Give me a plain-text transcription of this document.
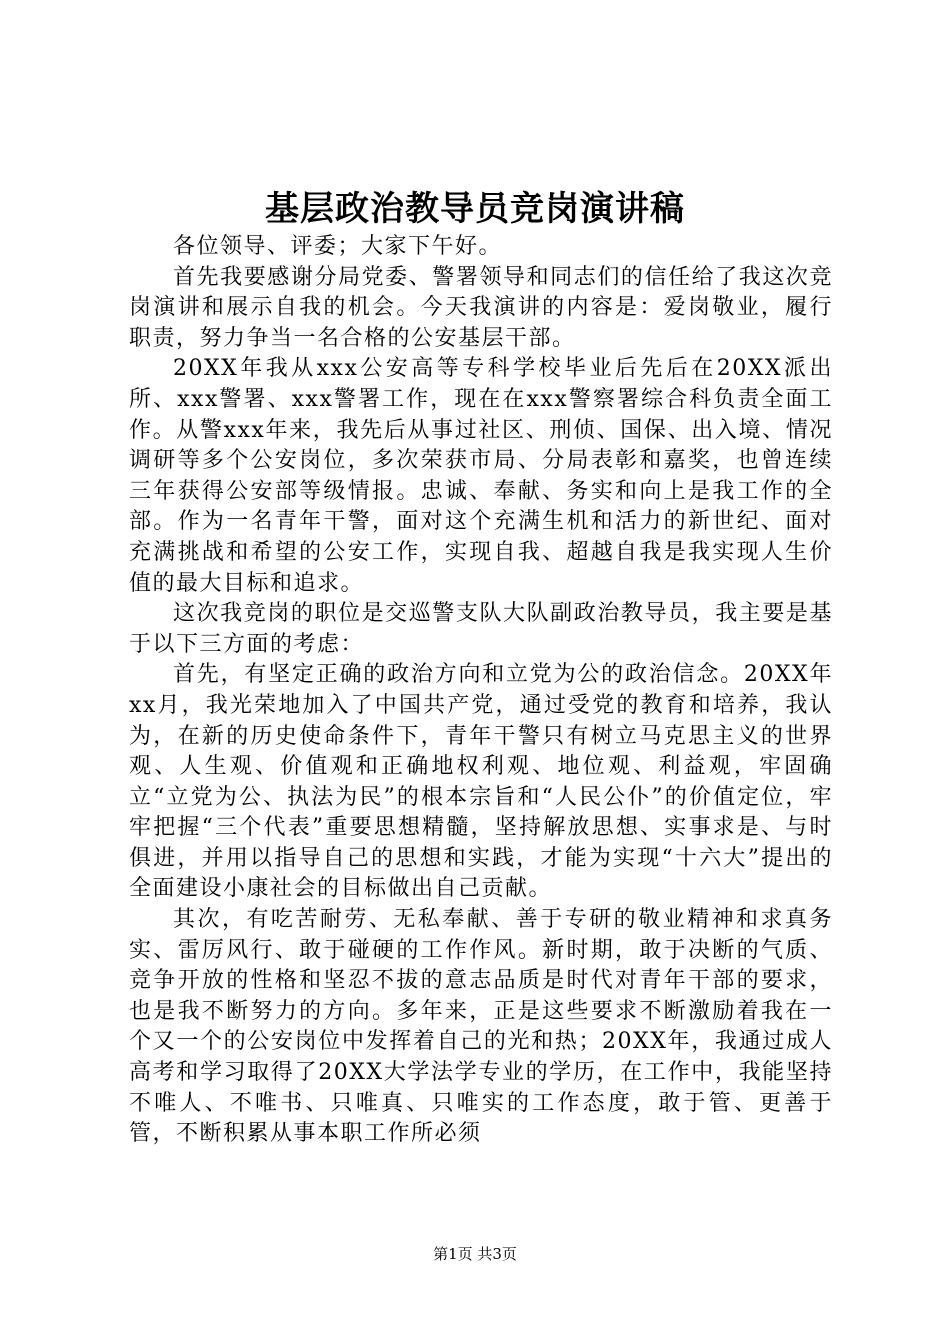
基层政治教导员竞岗演讲稿

各位领导、评委；大家下午好。

首先我要感谢分局党委、警署领导和同志们的信任给了我这次竞岗演讲和展示自我的机会。今天我演讲的内容是：爱岗敬业，履行职责，努力争当一名合格的公安基层干部。

20XX年我从xxx公安高等专科学校毕业后先后在20XX派出所、xxx警署、xxx警署工作，现在在xxx警察署综合科负责全面工作。从警xxx年来，我先后从事过社区、刑侦、国保、出入境、情况调研等多个公安岗位，多次荣获市局、分局表彰和嘉奖，也曾连续三年获得公安部等级情报。忠诚、奉献、务实和向上是我工作的全部。作为一名青年干警，面对这个充满生机和活力的新世纪、面对充满挑战和希望的公安工作，实现自我、超越自我是我实现人生价值的最大目标和追求。

这次我竞岗的职位是交巡警支队大队副政治教导员，我主要是基于以下三方面的考虑：

首先，有坚定正确的政治方向和立党为公的政治信念。20XX年xx月，我光荣地加入了中国共产党，通过受党的教育和培养，我认为，在新的历史使命条件下，青年干警只有树立马克思主义的世界观、人生观、价值观和正确地权利观、地位观、利益观，牢固确立“立党为公、执法为民”的根本宗旨和“人民公仆”的价值定位，牢牢把握“三个代表”重要思想精髓，坚持解放思想、实事求是、与时俱进，并用以指导自己的思想和实践，才能为实现“十六大”提出的全面建设小康社会的目标做出自己贡献。

其次，有吃苦耐劳、无私奉献、善于专研的敬业精神和求真务实、雷厉风行、敢于碰硬的工作作风。新时期，敢于决断的气质、竞争开放的性格和坚忍不拔的意志品质是时代对青年干部的要求，也是我不断努力的方向。多年来，正是这些要求不断激励着我在一个又一个的公安岗位中发挥着自己的光和热；20XX年，我通过成人高考和学习取得了20XX大学法学专业的学历，在工作中，我能坚持不唯人、不唯书、只唯真、只唯实的工作态度，敢于管、更善于管，不断积累从事本职工作所必须

第1页 共3页
